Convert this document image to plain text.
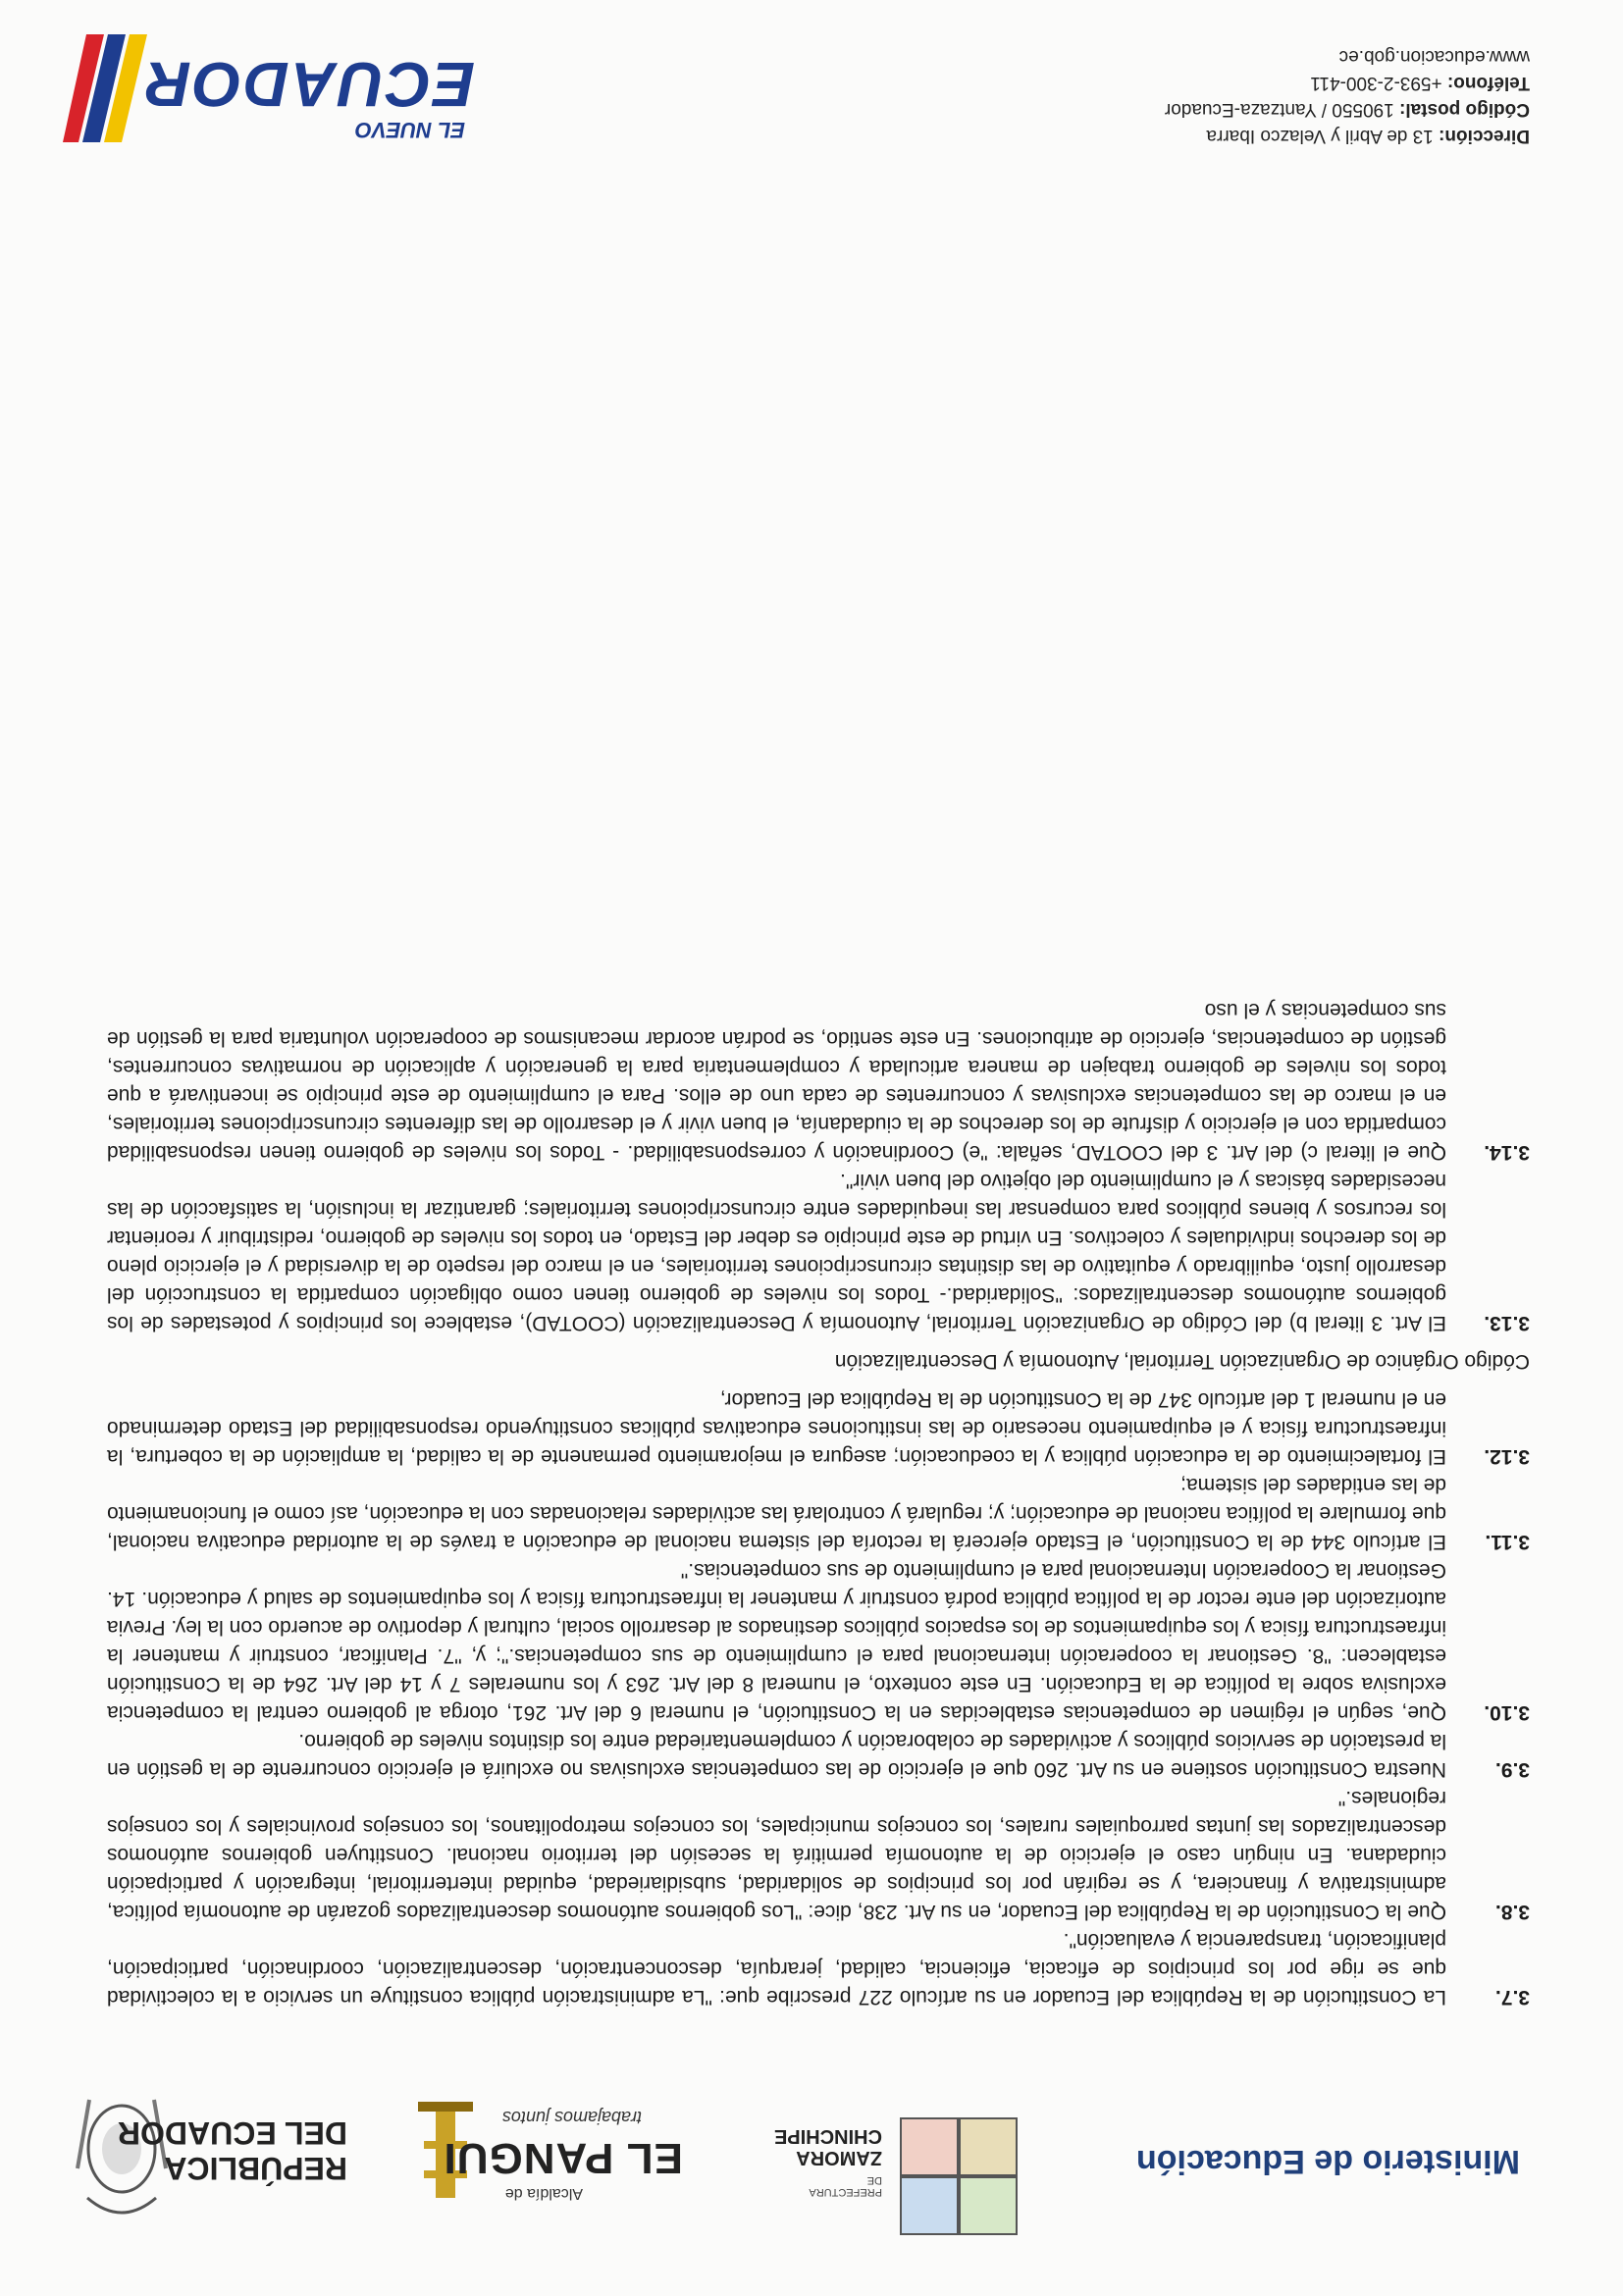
Ministerio de Educación
PREFECTURA DE
ZAMORA
CHINCHIPE
Alcaldía de
EL PANGUI
trabajamos juntos
REPÚBLICA
DEL ECUADOR
3.7.
La Constitución de la República del Ecuador en su artículo 227 prescribe que: "La administración pública constituye un servicio a la colectividad que se rige por los principios de eficacia, eficiencia, calidad, jerarquía, desconcentración, descentralización, coordinación, participación, planificación, transparencia y evaluación".
3.8.
Que la Constitución de la República del Ecuador, en su Art. 238, dice: "Los gobiernos autónomos descentralizados gozarán de autonomía política, administrativa y financiera, y se regirán por los principios de solidaridad, subsidiariedad, equidad interterritorial, integración y participación ciudadana. En ningún caso el ejercicio de la autonomía permitirá la secesión del territorio nacional. Constituyen gobiernos autónomos descentralizados las juntas parroquiales rurales, los concejos municipales, los concejos metropolitanos, los consejos provinciales y los consejos regionales."
3.9.
Nuestra Constitución sostiene en su Art. 260 que el ejercicio de las competencias exclusivas no excluirá el ejercicio concurrente de la gestión en la prestación de servicios públicos y actividades de colaboración y complementariedad entre los distintos niveles de gobierno.
3.10.
Que, según el régimen de competencias establecidas en la Constitución, el numeral 6 del Art. 261, otorga al gobierno central la competencia exclusiva sobre la política de la Educación. En este contexto, el numeral 8 del Art. 263 y los numerales 7 y 14 del Art. 264 de la Constitución establecen: "8. Gestionar la cooperación internacional para el cumplimiento de sus competencias."; y, "7. Planificar, construir y mantener la infraestructura física y los equipamientos de los espacios públicos destinados al desarrollo social, cultural y deportivo de acuerdo con la ley. Previa autorización del ente rector de la política pública podrá construir y mantener la infraestructura física y los equipamientos de salud y educación. 14. Gestionar la Cooperación Internacional para el cumplimiento de sus competencias."
3.11.
El artículo 344 de la Constitución, el Estado ejercerá la rectoría del sistema nacional de educación a través de la autoridad educativa nacional, que formulare la política nacional de educación; y; regulará y controlará las actividades relacionadas con la educación, así como el funcionamiento de las entidades del sistema;
3.12.
El fortalecimiento de la educación pública y la coeducación; asegura el mejoramiento permanente de la calidad, la ampliación de la cobertura, la infraestructura física y el equipamiento necesario de las instituciones educativas públicas constituyendo responsabilidad del Estado determinado en el numeral 1 del artículo 347 de la Constitución de la República del Ecuador,
Código Orgánico de Organización Territorial, Autonomía y Descentralización
3.13.
El Art. 3 literal b) del Código de Organización Territorial, Autonomía y Descentralización (COOTAD), establece los principios y potestades de los gobiernos autónomos descentralizados: "Solidaridad.- Todos los niveles de gobierno tienen como obligación compartida la construcción del desarrollo justo, equilibrado y equitativo de las distintas circunscripciones territoriales, en el marco del respeto de la diversidad y el ejercicio pleno de los derechos individuales y colectivos. En virtud de este principio es deber del Estado, en todos los niveles de gobierno, redistribuir y reorientar los recursos y bienes públicos para compensar las inequidades entre circunscripciones territoriales; garantizar la inclusión, la satisfacción de las necesidades básicas y el cumplimiento del objetivo del buen vivir".
3.14.
Que el literal c) del Art. 3 del COOTAD, señala: "e) Coordinación y corresponsabilidad. - Todos los niveles de gobierno tienen responsabilidad compartida con el ejercicio y disfrute de los derechos de la ciudadanía, el buen vivir y el desarrollo de las diferentes circunscripciones territoriales, en el marco de las competencias exclusivas y concurrentes de cada uno de ellos. Para el cumplimiento de este principio se incentivará a que todos los niveles de gobierno trabajen de manera articulada y complementaria para la generación y aplicación de normativas concurrentes, gestión de competencias, ejercicio de atribuciones. En este sentido, se podrán acordar mecanismos de cooperación voluntaria para la gestión de sus competencias y el uso
Dirección: 13 de Abril y Velazco Ibarra
Código postal: 190550 / Yantzaza-Ecuador
Teléfono: +593-2-300-411
www.educacion.gob.ec
EL NUEVO
ECUADOR
